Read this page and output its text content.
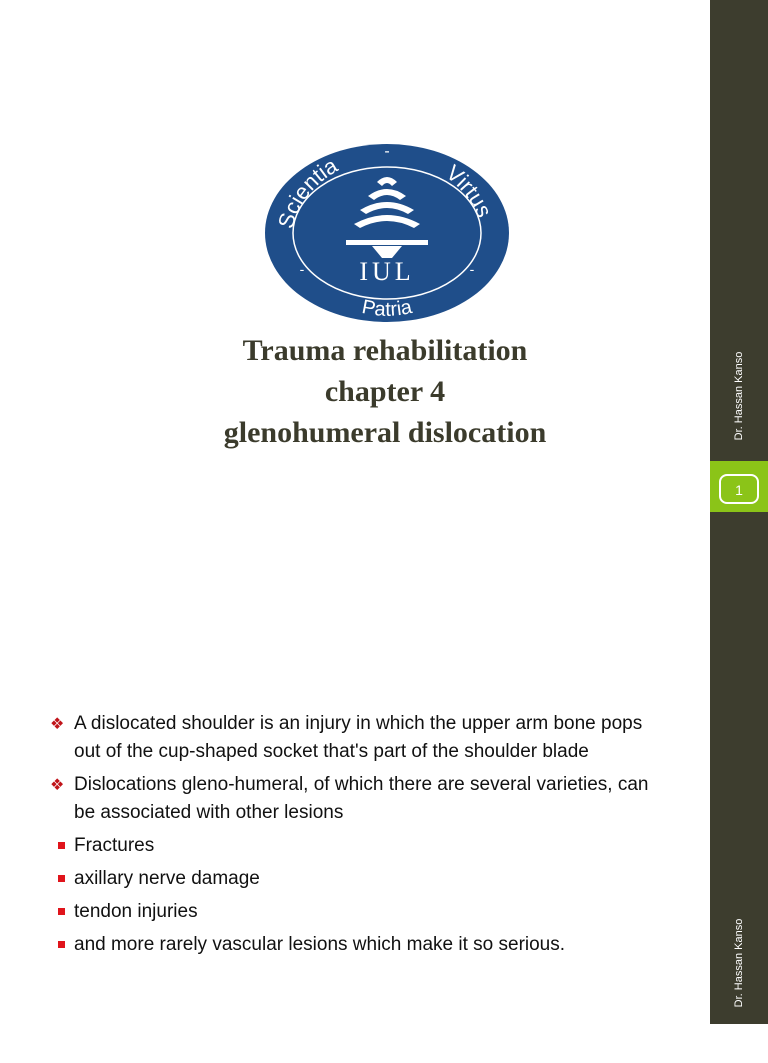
Scientia	Virtus
Patria
-
-	-
IUL
Trauma rehabilitation
chapter 4
glenohumeral dislocation	Dr. Hassan Kanso
1
❖ A dislocated shoulder is an injury in which the upper arm bone pops out of the cup-shaped socket that's part of the shoulder blade
❖ Dislocations gleno-humeral, of which there are several varieties, can be associated with other lesions
Fractures
axillary nerve damage
tendon injuries
and more rarely vascular lesions which make it so serious.	Dr. Hassan Kanso
